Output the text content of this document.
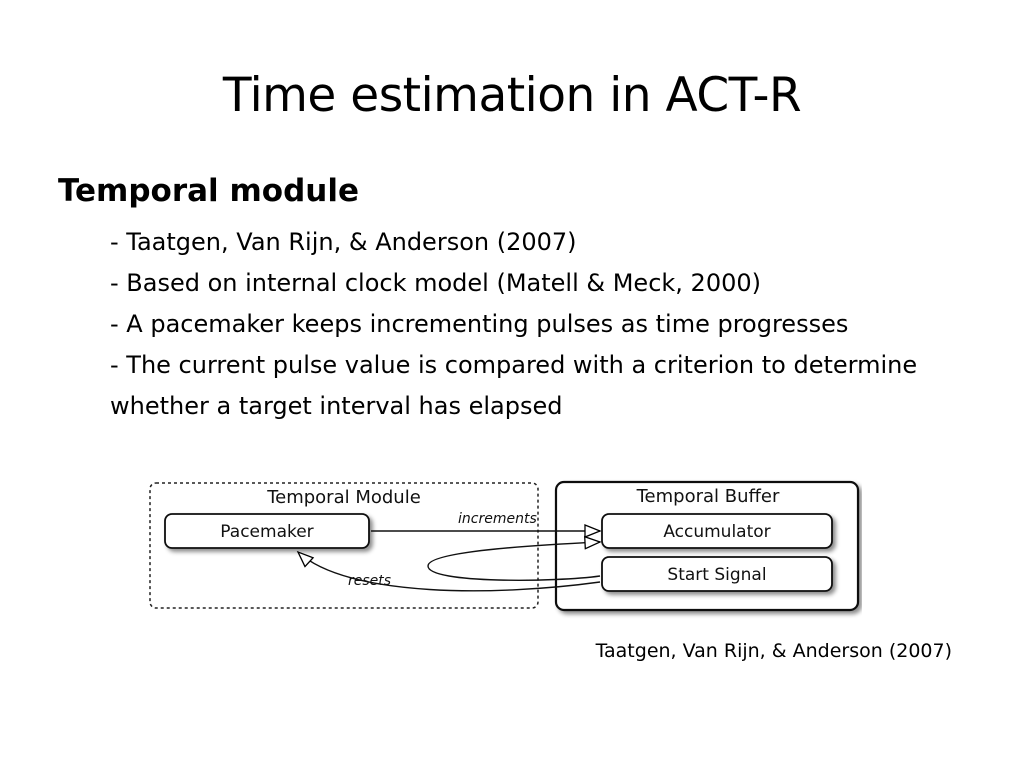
Time estimation in ACT-R
Temporal module
- Taatgen, Van Rijn, & Anderson (2007)
- Based on internal clock model (Matell & Meck, 2000)
- A pacemaker keeps incrementing pulses as time progresses
- The current pulse value is compared with a criterion to determine whether a target interval has elapsed
Temporal Module	Temporal Buffer
Pacemaker	Accumulator
Start Signal
increments
resets
Taatgen, Van Rijn, & Anderson (2007)
